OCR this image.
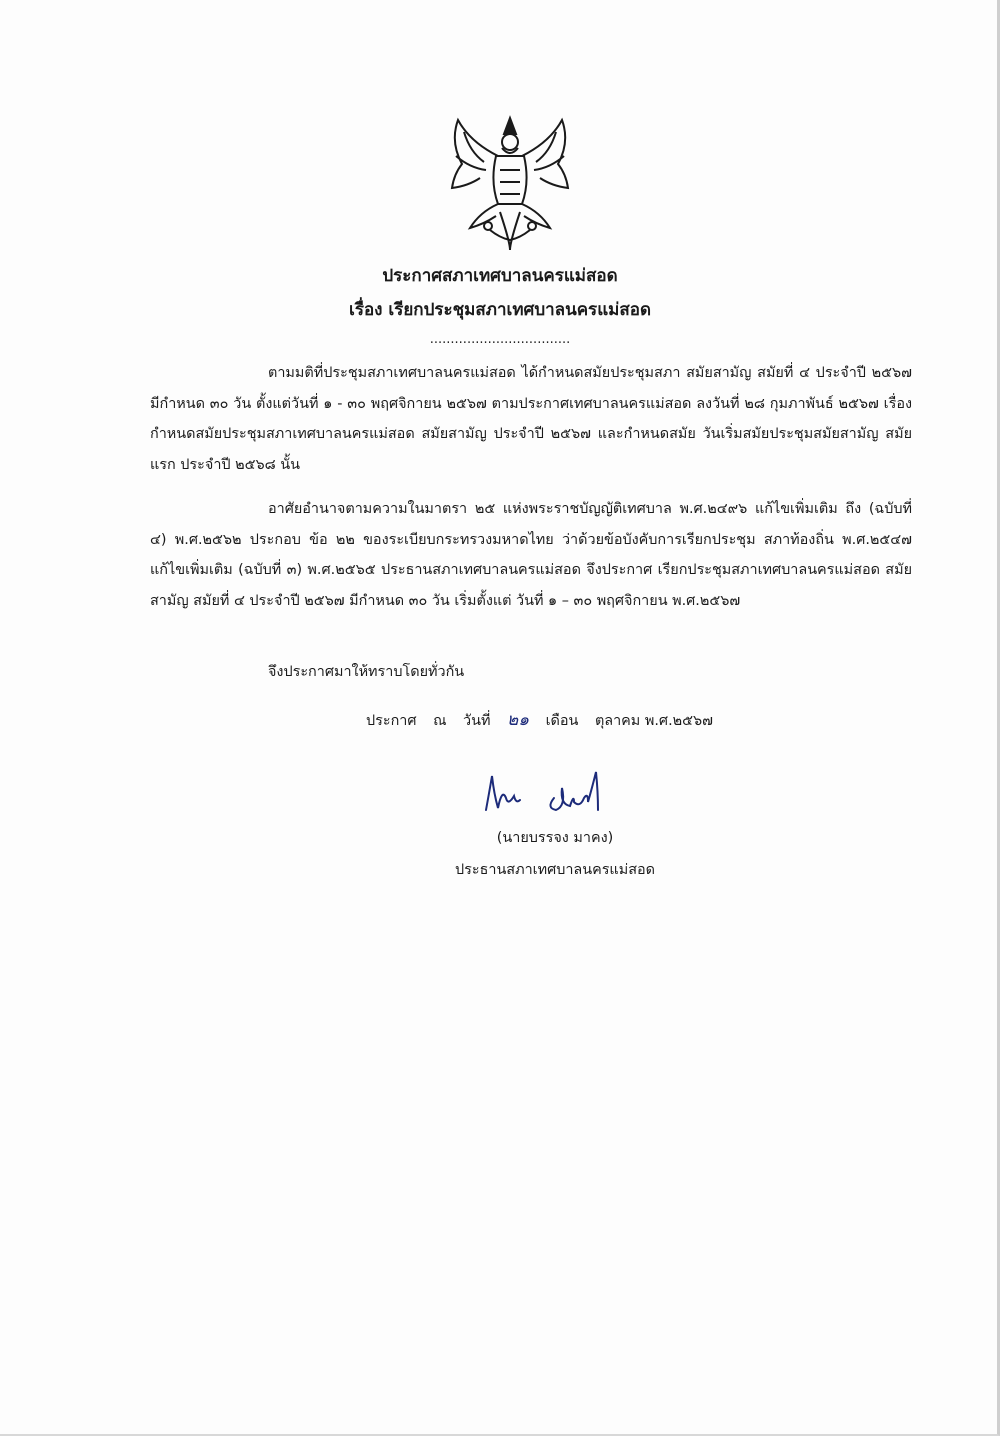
ประกาศสภาเทศบาลนครแม่สอด
เรื่อง เรียกประชุมสภาเทศบาลนครแม่สอด
..................................

ตามมติที่ประชุมสภาเทศบาลนครแม่สอด ได้กำหนดสมัยประชุมสภา สมัยสามัญ สมัยที่ ๔ ประจำปี ๒๕๖๗ มีกำหนด ๓๐ วัน ตั้งแต่วันที่ ๑ - ๓๐ พฤศจิกายน ๒๕๖๗ ตามประกาศเทศบาลนครแม่สอด ลงวันที่ ๒๘ กุมภาพันธ์ ๒๕๖๗ เรื่อง กำหนดสมัยประชุมสภาเทศบาลนครแม่สอด สมัยสามัญ ประจำปี ๒๕๖๗ และกำหนดสมัย วันเริ่มสมัยประชุมสมัยสามัญ สมัยแรก ประจำปี ๒๕๖๘ นั้น

อาศัยอำนาจตามความในมาตรา ๒๕ แห่งพระราชบัญญัติเทศบาล พ.ศ.๒๔๙๖ แก้ไขเพิ่มเติม ถึง (ฉบับที่ ๔) พ.ศ.๒๕๖๒ ประกอบ ข้อ ๒๒ ของระเบียบกระทรวงมหาดไทย ว่าด้วยข้อบังคับการเรียกประชุม สภาท้องถิ่น พ.ศ.๒๕๔๗ แก้ไขเพิ่มเติม (ฉบับที่ ๓) พ.ศ.๒๕๖๕ ประธานสภาเทศบาลนครแม่สอด จึงประกาศ เรียกประชุมสภาเทศบาลนครแม่สอด สมัยสามัญ สมัยที่ ๔ ประจำปี ๒๕๖๗ มีกำหนด ๓๐ วัน เริ่มตั้งแต่ วันที่ ๑ – ๓๐ พฤศจิกายน พ.ศ.๒๕๖๗

จึงประกาศมาให้ทราบโดยทั่วกัน
ประกาศ ณ วันที่ ๒๑ เดือน ตุลาคม พ.ศ.๒๕๖๗
(นายบรรจง มาคง)
ประธานสภาเทศบาลนครแม่สอด
